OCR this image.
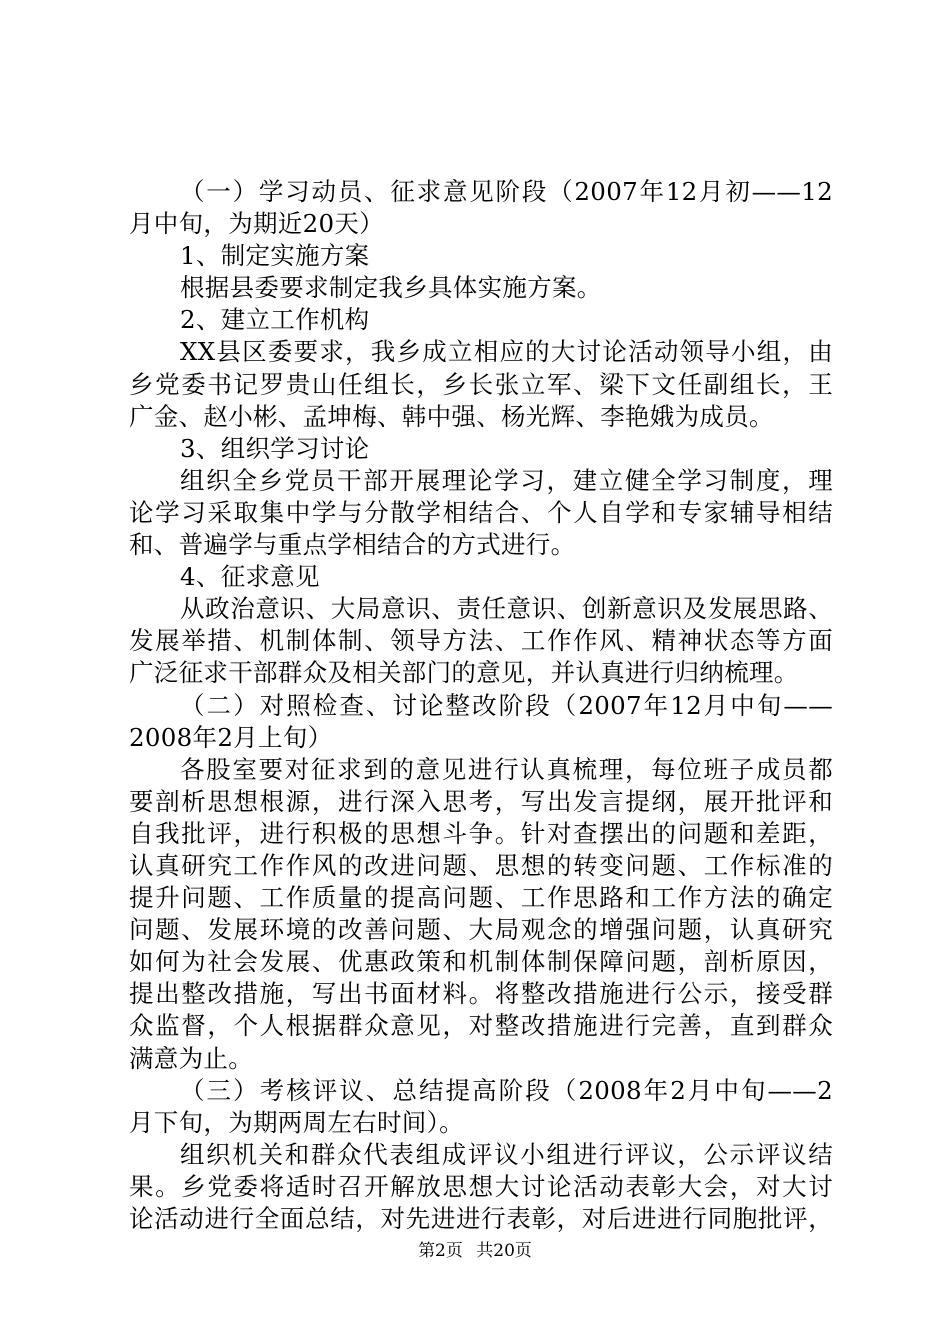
（一）学习动员、征求意见阶段（2007年12月初——12
月中旬，为期近20天）
1、制定实施方案
根据县委要求制定我乡具体实施方案。
2、建立工作机构
XX县区委要求，我乡成立相应的大讨论活动领导小组，由
乡党委书记罗贵山任组长，乡长张立军、梁下文任副组长，王
广金、赵小彬、孟坤梅、韩中强、杨光辉、李艳娥为成员。
3、组织学习讨论
组织全乡党员干部开展理论学习，建立健全学习制度，理
论学习采取集中学与分散学相结合、个人自学和专家辅导相结
和、普遍学与重点学相结合的方式进行。
4、征求意见
从政治意识、大局意识、责任意识、创新意识及发展思路、
发展举措、机制体制、领导方法、工作作风、精神状态等方面
广泛征求干部群众及相关部门的意见，并认真进行归纳梳理。
（二）对照检查、讨论整改阶段（2007年12月中旬——
2008年2月上旬）
各股室要对征求到的意见进行认真梳理，每位班子成员都
要剖析思想根源，进行深入思考，写出发言提纲，展开批评和
自我批评，进行积极的思想斗争。针对查摆出的问题和差距，
认真研究工作作风的改进问题、思想的转变问题、工作标准的
提升问题、工作质量的提高问题、工作思路和工作方法的确定
问题、发展环境的改善问题、大局观念的增强问题，认真研究
如何为社会发展、优惠政策和机制体制保障问题，剖析原因，
提出整改措施，写出书面材料。将整改措施进行公示，接受群
众监督，个人根据群众意见，对整改措施进行完善，直到群众
满意为止。
（三）考核评议、总结提高阶段（2008年2月中旬——2
月下旬，为期两周左右时间）。
组织机关和群众代表组成评议小组进行评议，公示评议结
果。乡党委将适时召开解放思想大讨论活动表彰大会，对大讨
论活动进行全面总结，对先进进行表彰，对后进进行同胞批评，
第2页 共20页
